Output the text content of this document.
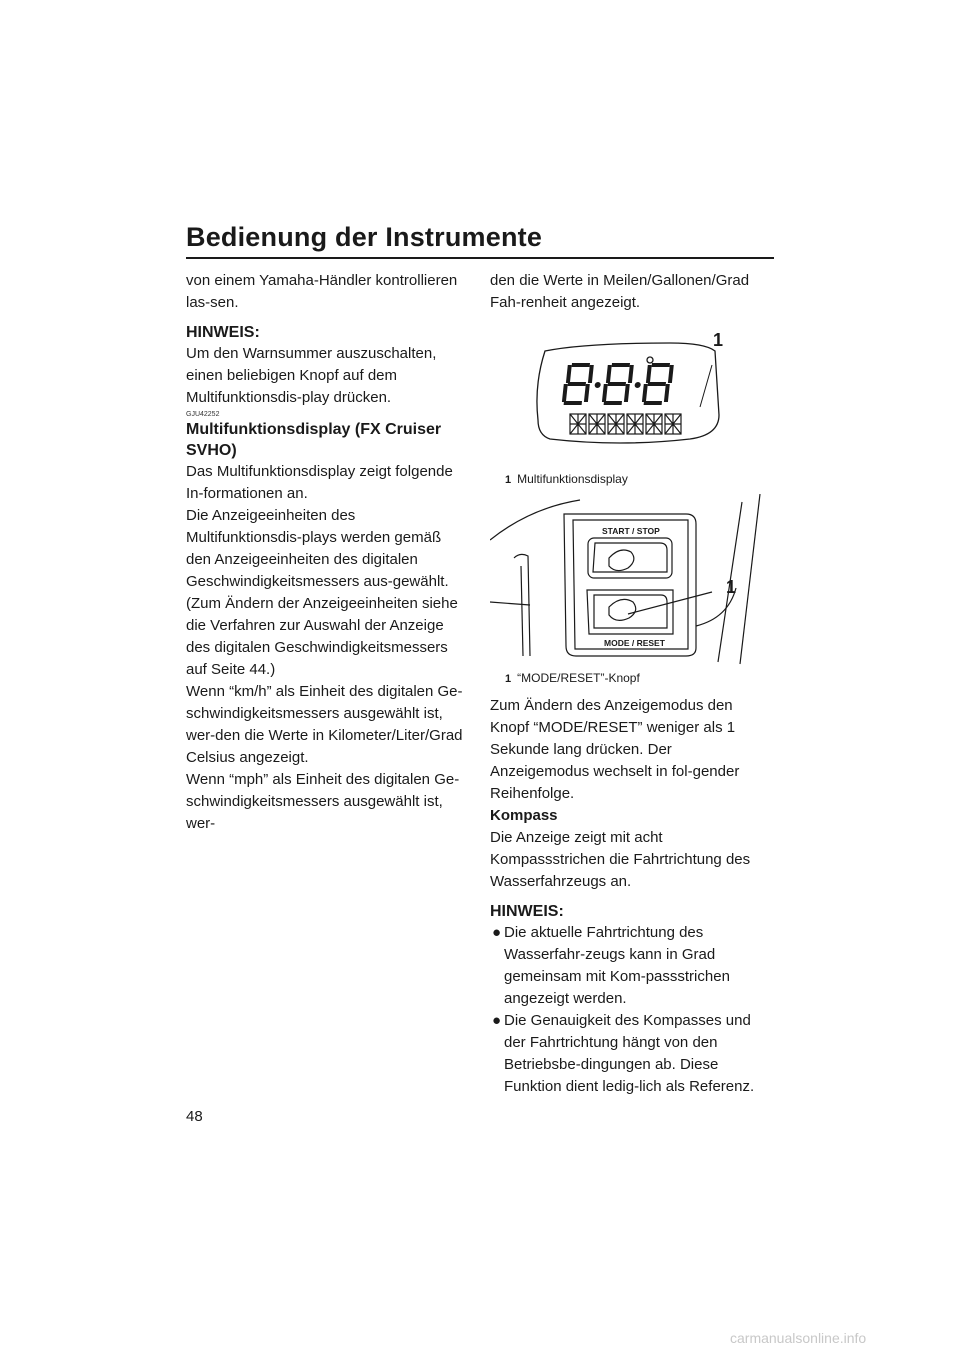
Bedienung der Instrumente

von einem Yamaha-Händler kontrollieren las-sen.

HINWEIS:

Um den Warnsummer auszuschalten, einen beliebigen Knopf auf dem Multifunktionsdis-play drücken.

GJU42252

Multifunktionsdisplay (FX Cruiser SVHO)

Das Multifunktionsdisplay zeigt folgende In-formationen an.

Die Anzeigeeinheiten des Multifunktionsdis-plays werden gemäß den Anzeigeeinheiten des digitalen Geschwindigkeitsmessers aus-gewählt. (Zum Ändern der Anzeigeeinheiten siehe die Verfahren zur Auswahl der Anzeige des digitalen Geschwindigkeitsmessers auf Seite 44.)

Wenn “km/h” als Einheit des digitalen Ge-schwindigkeitsmessers ausgewählt ist, wer-den die Werte in Kilometer/Liter/Grad Celsius angezeigt.

Wenn “mph” als Einheit des digitalen Ge-schwindigkeitsmessers ausgewählt ist, wer-

den die Werte in Meilen/Gallonen/Grad Fah-renheit angezeigt.

1

1 Multifunktionsdisplay

START / STOP
MODE / RESET
1

1 “MODE/RESET”-Knopf

Zum Ändern des Anzeigemodus den Knopf “MODE/RESET” weniger als 1 Sekunde lang drücken. Der Anzeigemodus wechselt in fol-gender Reihenfolge.

Kompass

Die Anzeige zeigt mit acht Kompassstrichen die Fahrtrichtung des Wasserfahrzeugs an.

HINWEIS:

● Die aktuelle Fahrtrichtung des Wasserfahr-zeugs kann in Grad gemeinsam mit Kom-passstrichen angezeigt werden.
● Die Genauigkeit des Kompasses und der Fahrtrichtung hängt von den Betriebsbe-dingungen ab. Diese Funktion dient ledig-lich als Referenz.
48
carmanualsonline.info
